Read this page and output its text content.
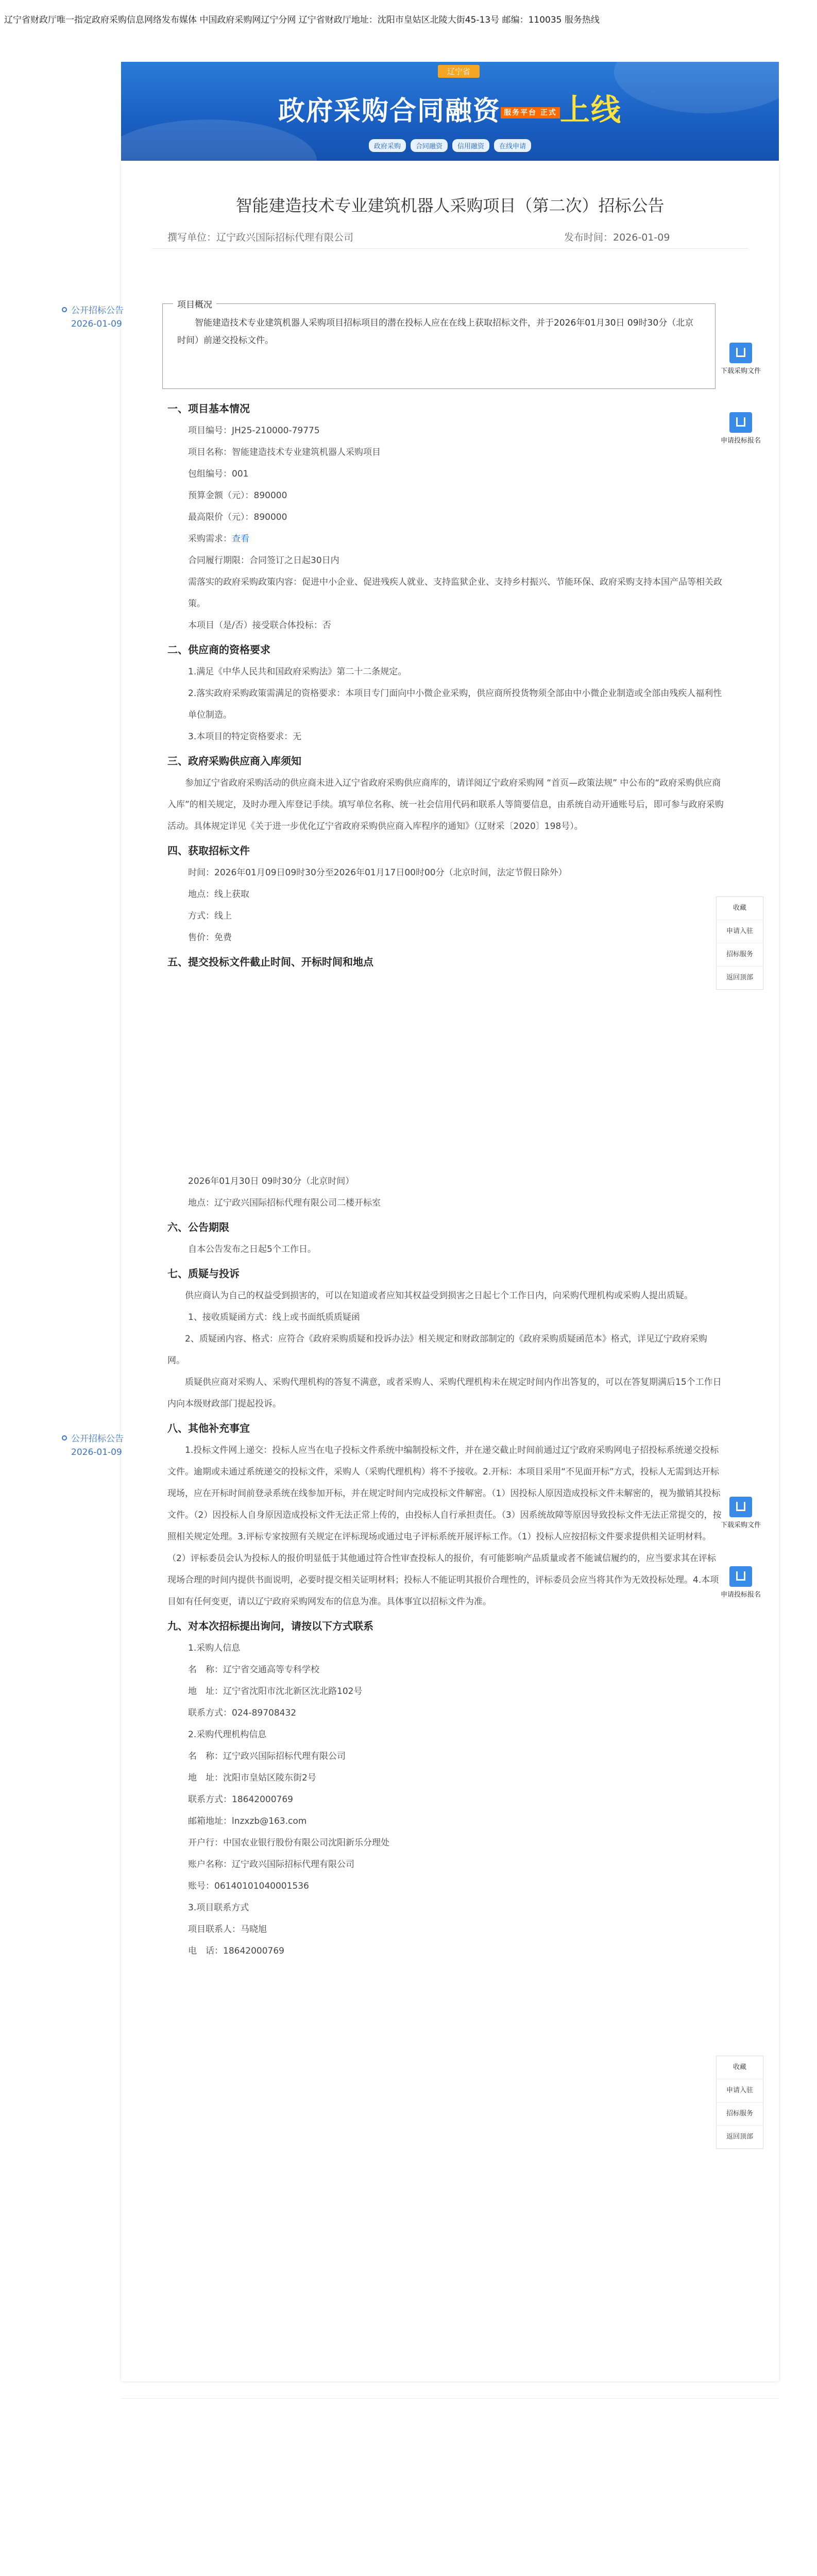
辽宁省财政厅唯一指定政府采购信息网络发布媒体 中国政府采购网辽宁分网 辽宁省财政厅地址：沈阳市皇姑区北陵大街45-13号 邮编：110035 服务热线
辽宁省
政府采购合同融资 服务平台 正式 上线
政府采购 合同融资 信用融资 在线申请
智能建造技术专业建筑机器人采购项目（第二次）招标公告
撰写单位：辽宁政兴国际招标代理有限公司	发布时间：2026-01-09
项目概况
智能建造技术专业建筑机器人采购项目招标项目的潜在投标人应在在线上获取招标文件，并于2026年01月30日 09时30分（北京时间）前递交投标文件。
一、项目基本情况
项目编号：JH25-210000-79775
项目名称：智能建造技术专业建筑机器人采购项目
包组编号：001
预算金额（元）：890000
最高限价（元）：890000
采购需求：查看
合同履行期限：合同签订之日起30日内
需落实的政府采购政策内容：促进中小企业、促进残疾人就业、支持监狱企业、支持乡村振兴、节能环保、政府采购支持本国产品等相关政策。
本项目（是/否）接受联合体投标：否
二、供应商的资格要求
1.满足《中华人民共和国政府采购法》第二十二条规定。
2.落实政府采购政策需满足的资格要求：本项目专门面向中小微企业采购，供应商所投货物须全部由中小微企业制造或全部由残疾人福利性单位制造。
3.本项目的特定资格要求：无
三、政府采购供应商入库须知
参加辽宁省政府采购活动的供应商未进入辽宁省政府采购供应商库的，请详阅辽宁政府采购网 “首页—政策法规” 中公布的“政府采购供应商入库”的相关规定，及时办理入库登记手续。填写单位名称、统一社会信用代码和联系人等简要信息，由系统自动开通账号后，即可参与政府采购活动。具体规定详见《关于进一步优化辽宁省政府采购供应商入库程序的通知》（辽财采〔2020〕198号）。
四、获取招标文件
时间：2026年01月09日09时30分至2026年01月17日00时00分（北京时间，法定节假日除外）
地点：线上获取
方式：线上
售价：免费
五、提交投标文件截止时间、开标时间和地点
2026年01月30日 09时30分（北京时间）
地点：辽宁政兴国际招标代理有限公司二楼开标室
六、公告期限
自本公告发布之日起5个工作日。
七、质疑与投诉
供应商认为自己的权益受到损害的，可以在知道或者应知其权益受到损害之日起七个工作日内，向采购代理机构或采购人提出质疑。
1、接收质疑函方式：线上或书面纸质质疑函
2、质疑函内容、格式：应符合《政府采购质疑和投诉办法》相关规定和财政部制定的《政府采购质疑函范本》格式，详见辽宁政府采购网。
质疑供应商对采购人、采购代理机构的答复不满意，或者采购人、采购代理机构未在规定时间内作出答复的，可以在答复期满后15个工作日内向本级财政部门提起投诉。
八、其他补充事宜
1.投标文件网上递交：投标人应当在电子投标文件系统中编制投标文件，并在递交截止时间前通过辽宁政府采购网电子招投标系统递交投标文件。逾期或未通过系统递交的投标文件，采购人（采购代理机构）将不予接收。2.开标：本项目采用“不见面开标”方式，投标人无需到达开标现场，应在开标时间前登录系统在线参加开标，并在规定时间内完成投标文件解密。（1）因投标人原因造成投标文件未解密的，视为撤销其投标文件。（2）因投标人自身原因造成投标文件无法正常上传的，由投标人自行承担责任。（3）因系统故障等原因导致投标文件无法正常提交的，按照相关规定处理。3.评标专家按照有关规定在评标现场或通过电子评标系统开展评标工作。（1）投标人应按招标文件要求提供相关证明材料。（2）评标委员会认为投标人的报价明显低于其他通过符合性审查投标人的报价，有可能影响产品质量或者不能诚信履约的，应当要求其在评标现场合理的时间内提供书面说明，必要时提交相关证明材料；投标人不能证明其报价合理性的，评标委员会应当将其作为无效投标处理。4.本项目如有任何变更，请以辽宁政府采购网发布的信息为准。具体事宜以招标文件为准。
九、对本次招标提出询问，请按以下方式联系
1.采购人信息
名　称：辽宁省交通高等专科学校
地　址：辽宁省沈阳市沈北新区沈北路102号
联系方式：024-89708432
2.采购代理机构信息
名　称：辽宁政兴国际招标代理有限公司
地　址：沈阳市皇姑区陵东街2号
联系方式：18642000769
邮箱地址：lnzxzb@163.com
开户行：中国农业银行股份有限公司沈阳新乐分理处
账户名称：辽宁政兴国际招标代理有限公司
账号：06140101040001536
3.项目联系方式
项目联系人：马晓旭
电　话：18642000769
公开招标公告
2026-01-09
公开招标公告
2026-01-09
下载采购文件
申请投标报名
收藏
申请入驻
招标服务
返回顶部
下载采购文件
申请投标报名
收藏
申请入驻
招标服务
返回顶部
